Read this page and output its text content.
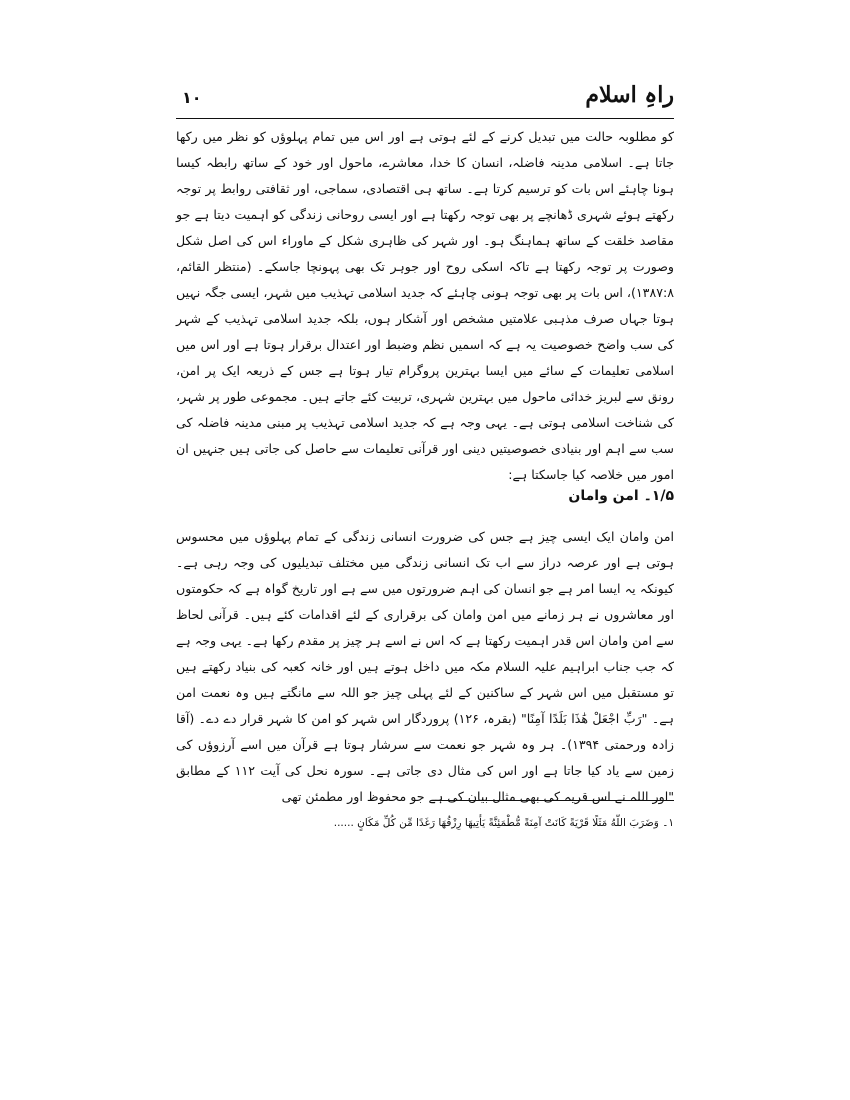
راہِ اسلام
۱۰
کو مطلوبہ حالت میں تبدیل کرنے کے لئے ہوتی ہے اور اس میں تمام پہلوؤں کو نظر میں رکھا جاتا ہے۔ اسلامی مدینہ فاضلہ، انسان کا خدا، معاشرے، ماحول اور خود کے ساتھ رابطہ کیسا ہونا چاہئے اس بات کو ترسیم کرتا ہے۔ ساتھ ہی اقتصادی، سماجی، اور ثقافتی روابط پر توجہ رکھتے ہوئے شہری ڈھانچے پر بھی توجہ رکھتا ہے اور ایسی روحانی زندگی کو اہمیت دیتا ہے جو مقاصد خلقت کے ساتھ ہماہنگ ہو۔ اور شہر کی ظاہری شکل کے ماوراء اس کی اصل شکل وصورت پر توجہ رکھتا ہے تاکہ اسکی روح اور جوہر تک بھی پہونچا جاسکے۔ (منتظر القائم، ۱۳۸۷:۸)، اس بات پر بھی توجہ ہونی چاہئے کہ جدید اسلامی تہذیب میں شہر، ایسی جگہ نہیں ہوتا جہاں صرف مذہبی علامتیں مشخص اور آشکار ہوں، بلکہ جدید اسلامی تہذیب کے شہر کی سب واضح خصوصیت یہ ہے کہ اسمیں نظم وضبط اور اعتدال برقرار ہوتا ہے اور اس میں اسلامی تعلیمات کے سائے میں ایسا بہترین پروگرام تیار ہوتا ہے جس کے ذریعہ ایک پر امن، رونق سے لبریز خدائی ماحول میں بہترین شہری، تربیت کئے جاتے ہیں۔ مجموعی طور پر شہر، کی شناخت اسلامی ہوتی ہے۔ یہی وجہ ہے کہ جدید اسلامی تہذیب پر مبنی مدینہ فاضلہ کی سب سے اہم اور بنیادی خصوصیتیں دینی اور قرآنی تعلیمات سے حاصل کی جاتی ہیں جنہیں ان امور میں خلاصہ کیا جاسکتا ہے:
۱/۵۔ امن وامان
امن وامان ایک ایسی چیز ہے جس کی ضرورت انسانی زندگی کے تمام پہلوؤں میں محسوس ہوتی ہے اور عرصہ دراز سے اب تک انسانی زندگی میں مختلف تبدیلیوں کی وجہ رہی ہے۔ کیونکہ یہ ایسا امر ہے جو انسان کی اہم ضرورتوں میں سے ہے اور تاریخ گواہ ہے کہ حکومتوں اور معاشروں نے ہر زمانے میں امن وامان کی برقراری کے لئے اقدامات کئے ہیں۔ قرآنی لحاظ سے امن وامان اس قدر اہمیت رکھتا ہے کہ اس نے اسے ہر چیز پر مقدم رکھا ہے۔ یہی وجہ ہے کہ جب جناب ابراہیم علیہ السلام مکہ میں داخل ہوتے ہیں اور خانہ کعبہ کی بنیاد رکھتے ہیں تو مستقبل میں اس شہر کے ساکنین کے لئے پہلی چیز جو اللہ سے مانگتے ہیں وہ نعمت امن ہے۔ "رَبِّ اجْعَلْ هَٰذَا بَلَدًا آمِنًا" (بقرہ، ۱۲۶) پروردگار اس شہر کو امن کا شہر قرار دے دے۔ (آقا زادہ ورحمتی ۱۳۹۴)۔ ہر وہ شہر جو نعمت سے سرشار ہوتا ہے قرآن میں اسے آرزوؤں کی زمین سے یاد کیا جاتا ہے اور اس کی مثال دی جاتی ہے۔ سورہ نحل کی آیت ۱۱۲ کے مطابق "اور اللہ نے اس قریہ کی بھی مثال بیان کی ہے جو محفوظ اور مطمئن تھی
۱۔ وَضَرَبَ اللَّهُ مَثَلًا قَرْيَةً كَانَتْ آمِنَةً مُّطْمَئِنَّةً يَأْتِيهَا رِزْقُهَا رَغَدًا مِّن كُلِّ مَكَانٍ ......
